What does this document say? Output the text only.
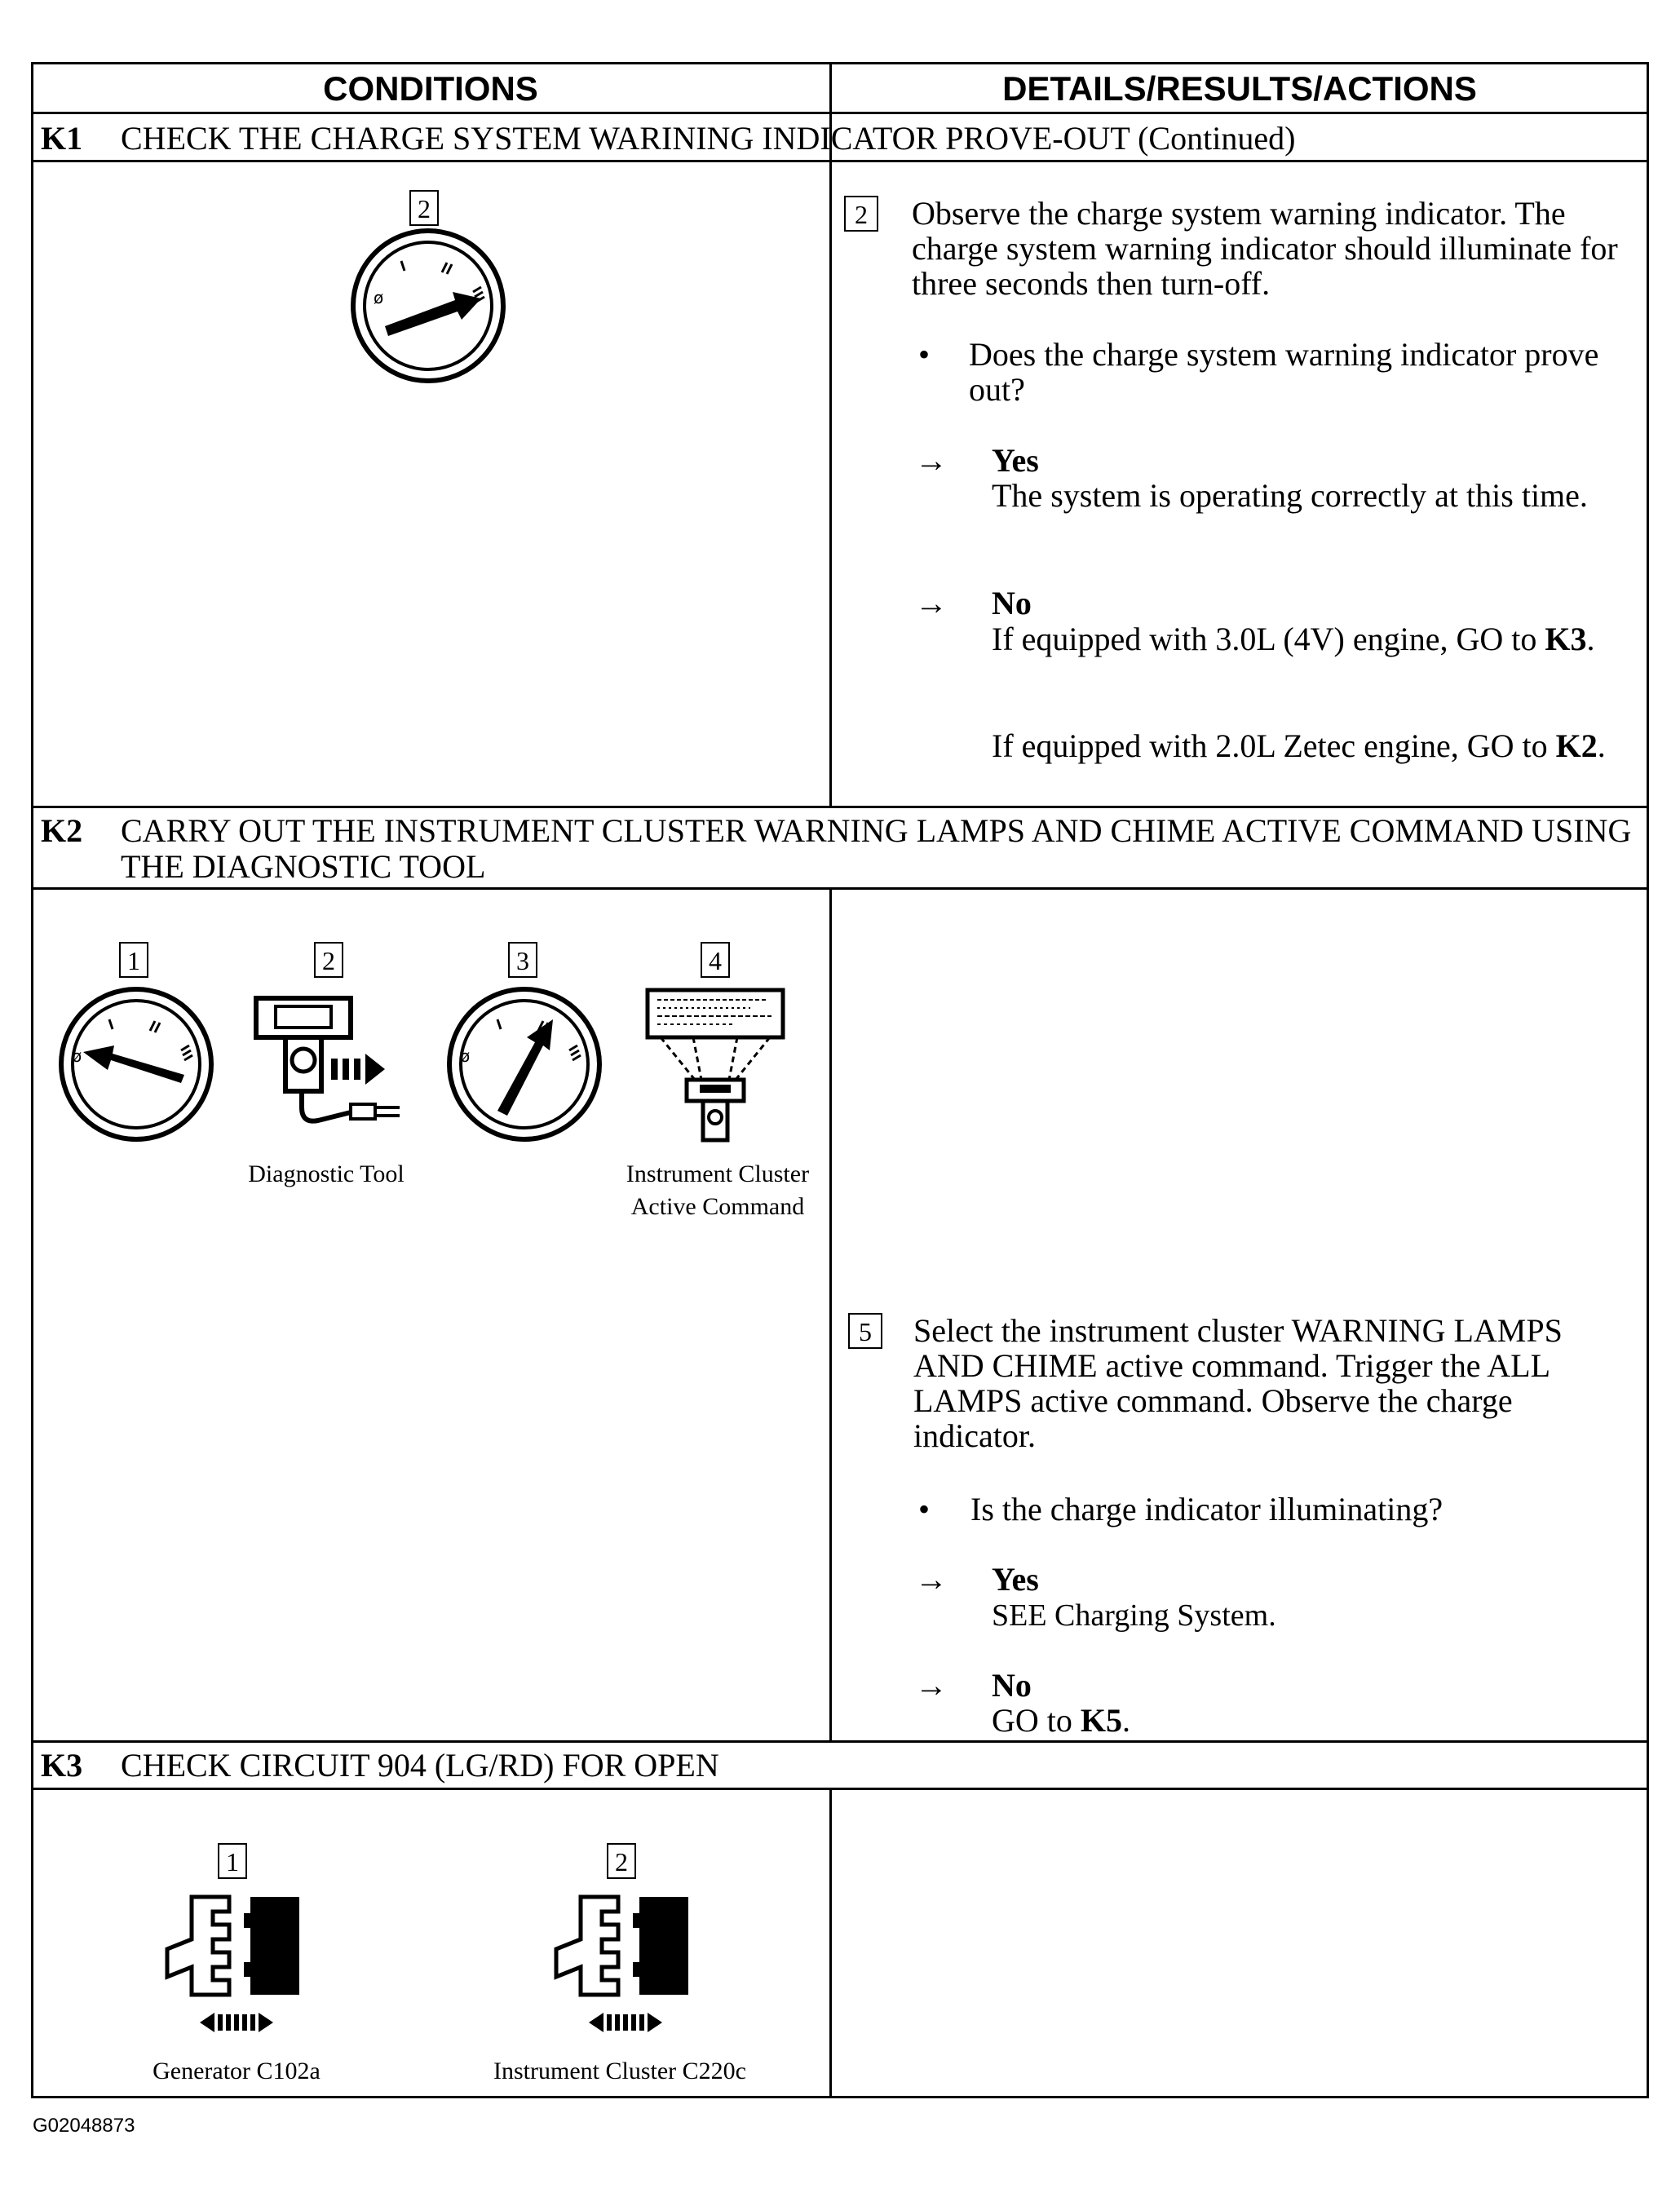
CONDITIONS	DETAILS/RESULTS/ACTIONS
K1 CHECK THE CHARGE SYSTEM WARINING INDICATOR PROVE-OUT (Continued)
2
ø
2	Observe the charge system warning indicator. The charge system warning indicator should illuminate for three seconds then turn-off.
• Does the charge system warning indicator prove out?
→ Yes
The system is operating correctly at this time.
→ No
If equipped with 3.0L (4V) engine, GO to K3.
If equipped with 2.0L Zetec engine, GO to K2.
K2 CARRY OUT THE INSTRUMENT CLUSTER WARNING LAMPS AND CHIME ACTIVE COMMAND USING THE DIAGNOSTIC TOOL
1	2	3	4
ø
Diagnostic Tool
ø
Instrument Cluster Active Command
5	Select the instrument cluster WARNING LAMPS AND CHIME active command. Trigger the ALL LAMPS active command. Observe the charge indicator.
• Is the charge indicator illuminating?
→ Yes
SEE Charging System.
→ No
GO to K5.
K3 CHECK CIRCUIT 904 (LG/RD) FOR OPEN
1	2
Generator C102a	Instrument Cluster C220c
G02048873
